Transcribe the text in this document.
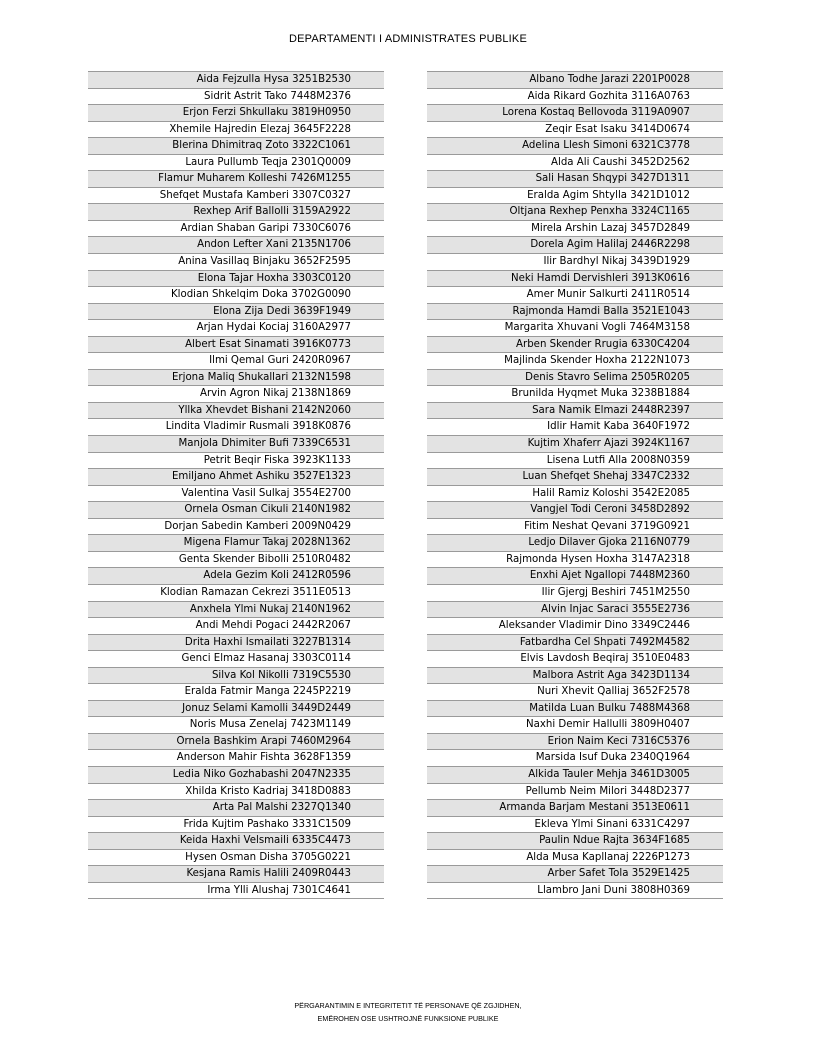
DEPARTAMENTI I ADMINISTRATES PUBLIKE
Aida Fejzulla Hysa 3251B2530
Sidrit Astrit Tako 7448M2376
Erjon Ferzi Shkullaku 3819H0950
Xhemile Hajredin Elezaj 3645F2228
Blerina Dhimitraq Zoto 3322C1061
Laura Pullumb Teqja 2301Q0009
Flamur Muharem Kolleshi 7426M1255
Shefqet Mustafa Kamberi 3307C0327
Rexhep Arif Ballolli 3159A2922
Ardian Shaban Garipi 7330C6076
Andon Lefter Xani 2135N1706
Anina Vasillaq Binjaku 3652F2595
Elona Tajar Hoxha 3303C0120
Klodian Shkelqim Doka 3702G0090
Elona Zija Dedi 3639F1949
Arjan Hydai Kociaj 3160A2977
Albert Esat Sinamati 3916K0773
Ilmi Qemal Guri 2420R0967
Erjona Maliq Shukallari 2132N1598
Arvin Agron Nikaj 2138N1869
Yllka Xhevdet Bishani 2142N2060
Lindita Vladimir Rusmali 3918K0876
Manjola Dhimiter Bufi 7339C6531
Petrit Beqir Fiska 3923K1133
Emiljano Ahmet Ashiku 3527E1323
Valentina Vasil Sulkaj 3554E2700
Ornela Osman Cikuli 2140N1982
Dorjan Sabedin Kamberi 2009N0429
Migena Flamur Takaj 2028N1362
Genta Skender Bibolli 2510R0482
Adela Gezim Koli 2412R0596
Klodian Ramazan Cekrezi 3511E0513
Anxhela Ylmi Nukaj 2140N1962
Andi Mehdi Pogaci 2442R2067
Drita Haxhi Ismailati 3227B1314
Genci Elmaz Hasanaj 3303C0114
Silva Kol Nikolli 7319C5530
Eralda Fatmir Manga 2245P2219
Jonuz Selami Kamolli 3449D2449
Noris Musa Zenelaj 7423M1149
Ornela Bashkim Arapi 7460M2964
Anderson Mahir Fishta 3628F1359
Ledia Niko Gozhabashi 2047N2335
Xhilda Kristo Kadriaj 3418D0883
Arta Pal Malshi 2327Q1340
Frida Kujtim Pashako 3331C1509
Keida Haxhi Velsmaili 6335C4473
Hysen Osman Disha 3705G0221
Kesjana Ramis Halili 2409R0443
Irma Ylli Alushaj 7301C4641
Albano Todhe Jarazi 2201P0028
Aida Rikard Gozhita 3116A0763
Lorena Kostaq Bellovoda 3119A0907
Zeqir Esat Isaku 3414D0674
Adelina Llesh Simoni 6321C3778
Alda Ali Caushi 3452D2562
Sali Hasan Shqypi 3427D1311
Eralda Agim Shtylla 3421D1012
Oltjana Rexhep Penxha 3324C1165
Mirela Arshin Lazaj 3457D2849
Dorela Agim Halilaj 2446R2298
Ilir Bardhyl Nikaj 3439D1929
Neki Hamdi Dervishleri 3913K0616
Amer Munir Salkurti 2411R0514
Rajmonda Hamdi Balla 3521E1043
Margarita Xhuvani Vogli 7464M3158
Arben Skender Rrugia 6330C4204
Majlinda Skender Hoxha 2122N1073
Denis Stavro Selima 2505R0205
Brunilda Hyqmet Muka 3238B1884
Sara Namik Elmazi 2448R2397
Idlir Hamit Kaba 3640F1972
Kujtim Xhaferr Ajazi 3924K1167
Lisena Lutfi Alla 2008N0359
Luan Shefqet Shehaj 3347C2332
Halil Ramiz Koloshi 3542E2085
Vangjel Todi Ceroni 3458D2892
Fitim Neshat Qevani 3719G0921
Ledjo Dilaver Gjoka 2116N0779
Rajmonda Hysen Hoxha 3147A2318
Enxhi Ajet Ngallopi 7448M2360
Ilir Gjergj Beshiri 7451M2550
Alvin Injac Saraci 3555E2736
Aleksander Vladimir Dino 3349C2446
Fatbardha Cel Shpati 7492M4582
Elvis Lavdosh Beqiraj 3510E0483
Malbora Astrit Aga 3423D1134
Nuri Xhevit Qalliaj 3652F2578
Matilda Luan Bulku 7488M4368
Naxhi Demir Hallulli 3809H0407
Erion Naim Keci 7316C5376
Marsida Isuf Duka 2340Q1964
Alkida Tauler Mehja 3461D3005
Pellumb Neim Milori 3448D2377
Armanda Barjam Mestani 3513E0611
Ekleva Ylmi Sinani 6331C4297
Paulin Ndue Rajta 3634F1685
Alda Musa Kapllanaj 2226P1273
Arber Safet Tola 3529E1425
Llambro Jani Duni 3808H0369
PËRGARANTIMIN E INTEGRITETIT TË PERSONAVE QË ZGJIDHEN,
EMËROHEN OSE USHTROJNË FUNKSIONE PUBLIKE
